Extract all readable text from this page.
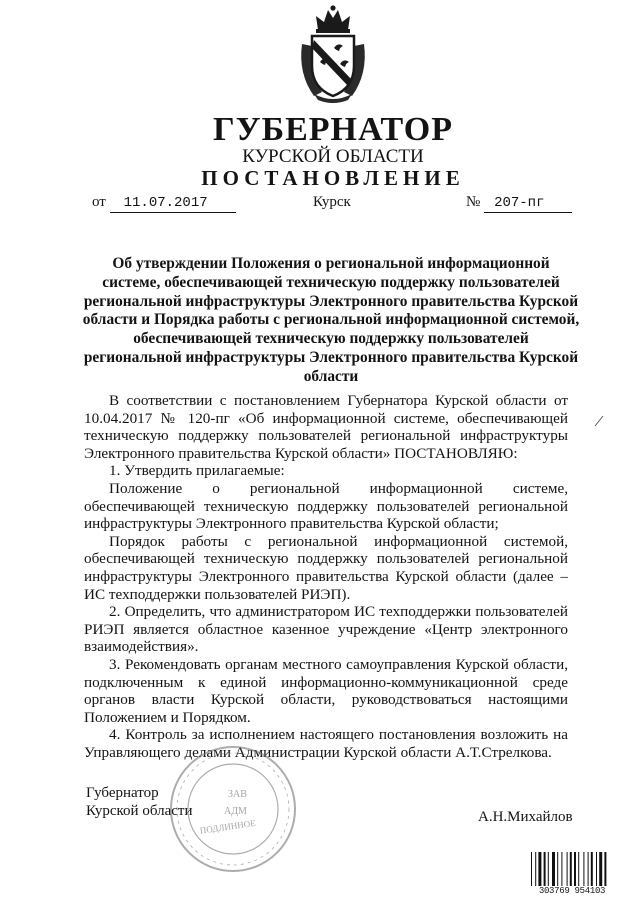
ГУБЕРНАТОР
КУРСКОЙ ОБЛАСТИ
ПОСТАНОВЛЕНИЕ
от 11.07.2017	Курск	№ 207-пг
Об утверждении Положения о региональной информационной
системе, обеспечивающей техническую поддержку пользователей
региональной инфраструктуры Электронного правительства Курской
области и Порядка работы с региональной информационной системой,
обеспечивающей техническую поддержку пользователей
региональной инфраструктуры Электронного правительства Курской
области

В соответствии с постановлением Губернатора Курской области от 10.04.2017 № 120-пг «Об информационной системе, обеспечивающей техническую поддержку пользователей региональной инфраструктуры Электронного правительства Курской области» ПОСТАНОВЛЯЮ:

1. Утвердить прилагаемые:

Положение о региональной информационной системе, обеспечивающей техническую поддержку пользователей региональной инфраструктуры Электронного правительства Курской области;

Порядок работы с региональной информационной системой, обеспечивающей техническую поддержку пользователей региональной инфраструктуры Электронного правительства Курской области (далее – ИС техподдержки пользователей РИЭП).

2. Определить, что администратором ИС техподдержки пользователей РИЭП является областное казенное учреждение «Центр электронного взаимодействия».

3. Рекомендовать органам местного самоуправления Курской области, подключенным к единой информационно-коммуникационной среде органов власти Курской области, руководствоваться настоящими Положением и Порядком.

4. Контроль за исполнением настоящего постановления возложить на Управляющего делами Администрации Курской области А.Т.Стрелкова.

Губернатор
Курской области	А.Н.Михайлов
ЗАВ
АДМ
ПОДЛИННОЕ
303769 954103
